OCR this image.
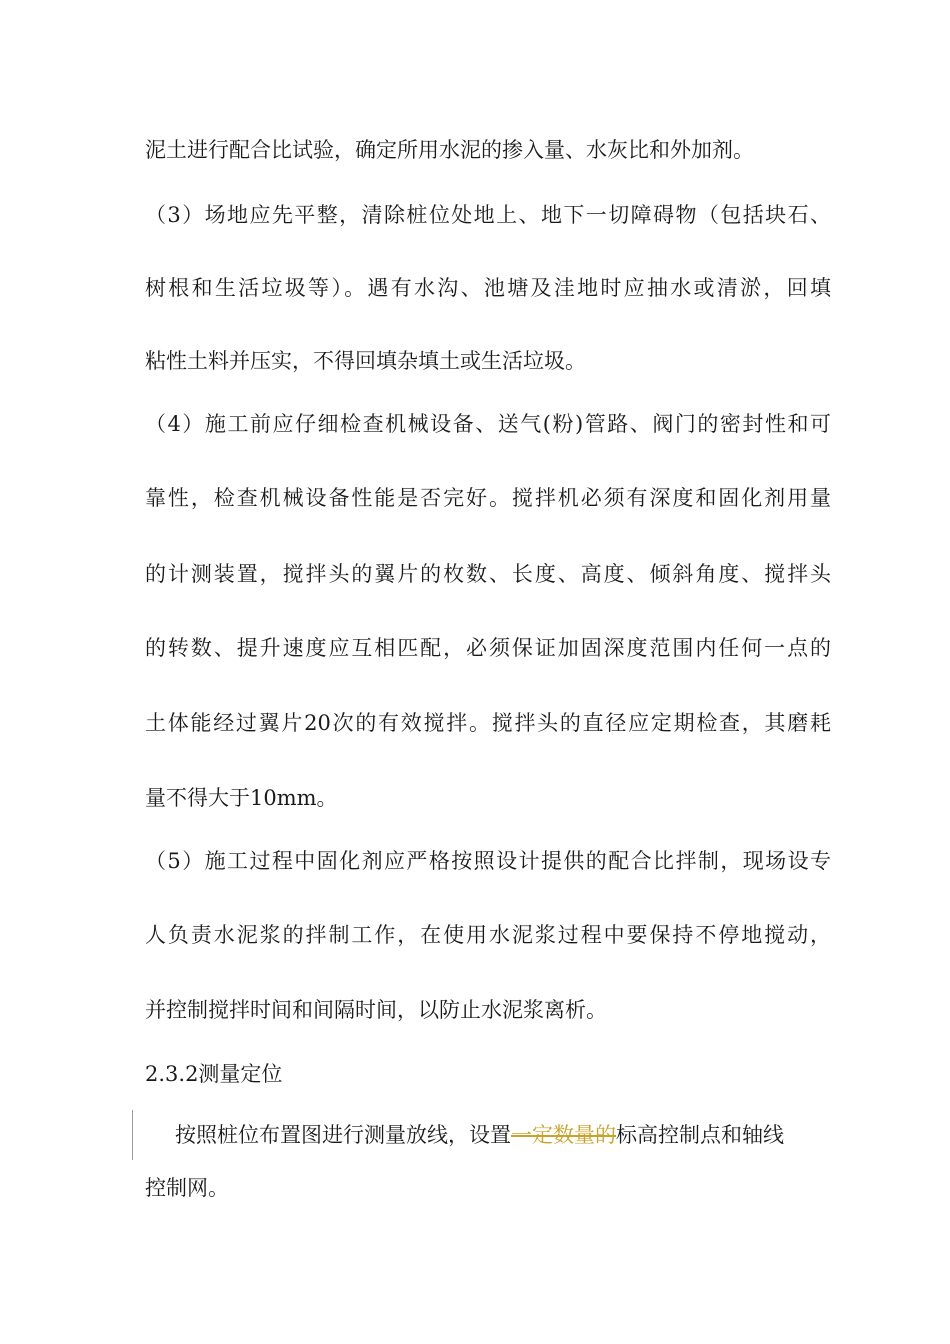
泥土进行配合比试验，确定所用水泥的掺入量、水灰比和外加剂。
（3）场地应先平整，清除桩位处地上、地下一切障碍物（包括块石、
树根和生活垃圾等）。遇有水沟、池塘及洼地时应抽水或清淤，回填
粘性土料并压实，不得回填杂填土或生活垃圾。
（4）施工前应仔细检查机械设备、送气(粉)管路、阀门的密封性和可
靠性，检查机械设备性能是否完好。搅拌机必须有深度和固化剂用量
的计测装置，搅拌头的翼片的枚数、长度、高度、倾斜角度、搅拌头
的转数、提升速度应互相匹配，必须保证加固深度范围内任何一点的
土体能经过翼片20次的有效搅拌。搅拌头的直径应定期检查，其磨耗
量不得大于10mm。
（5）施工过程中固化剂应严格按照设计提供的配合比拌制，现场设专
人负责水泥浆的拌制工作，在使用水泥浆过程中要保持不停地搅动，
并控制搅拌时间和间隔时间，以防止水泥浆离析。
2.3.2测量定位
按照桩位布置图进行测量放线，设置一定数量的标高控制点和轴线
控制网。
